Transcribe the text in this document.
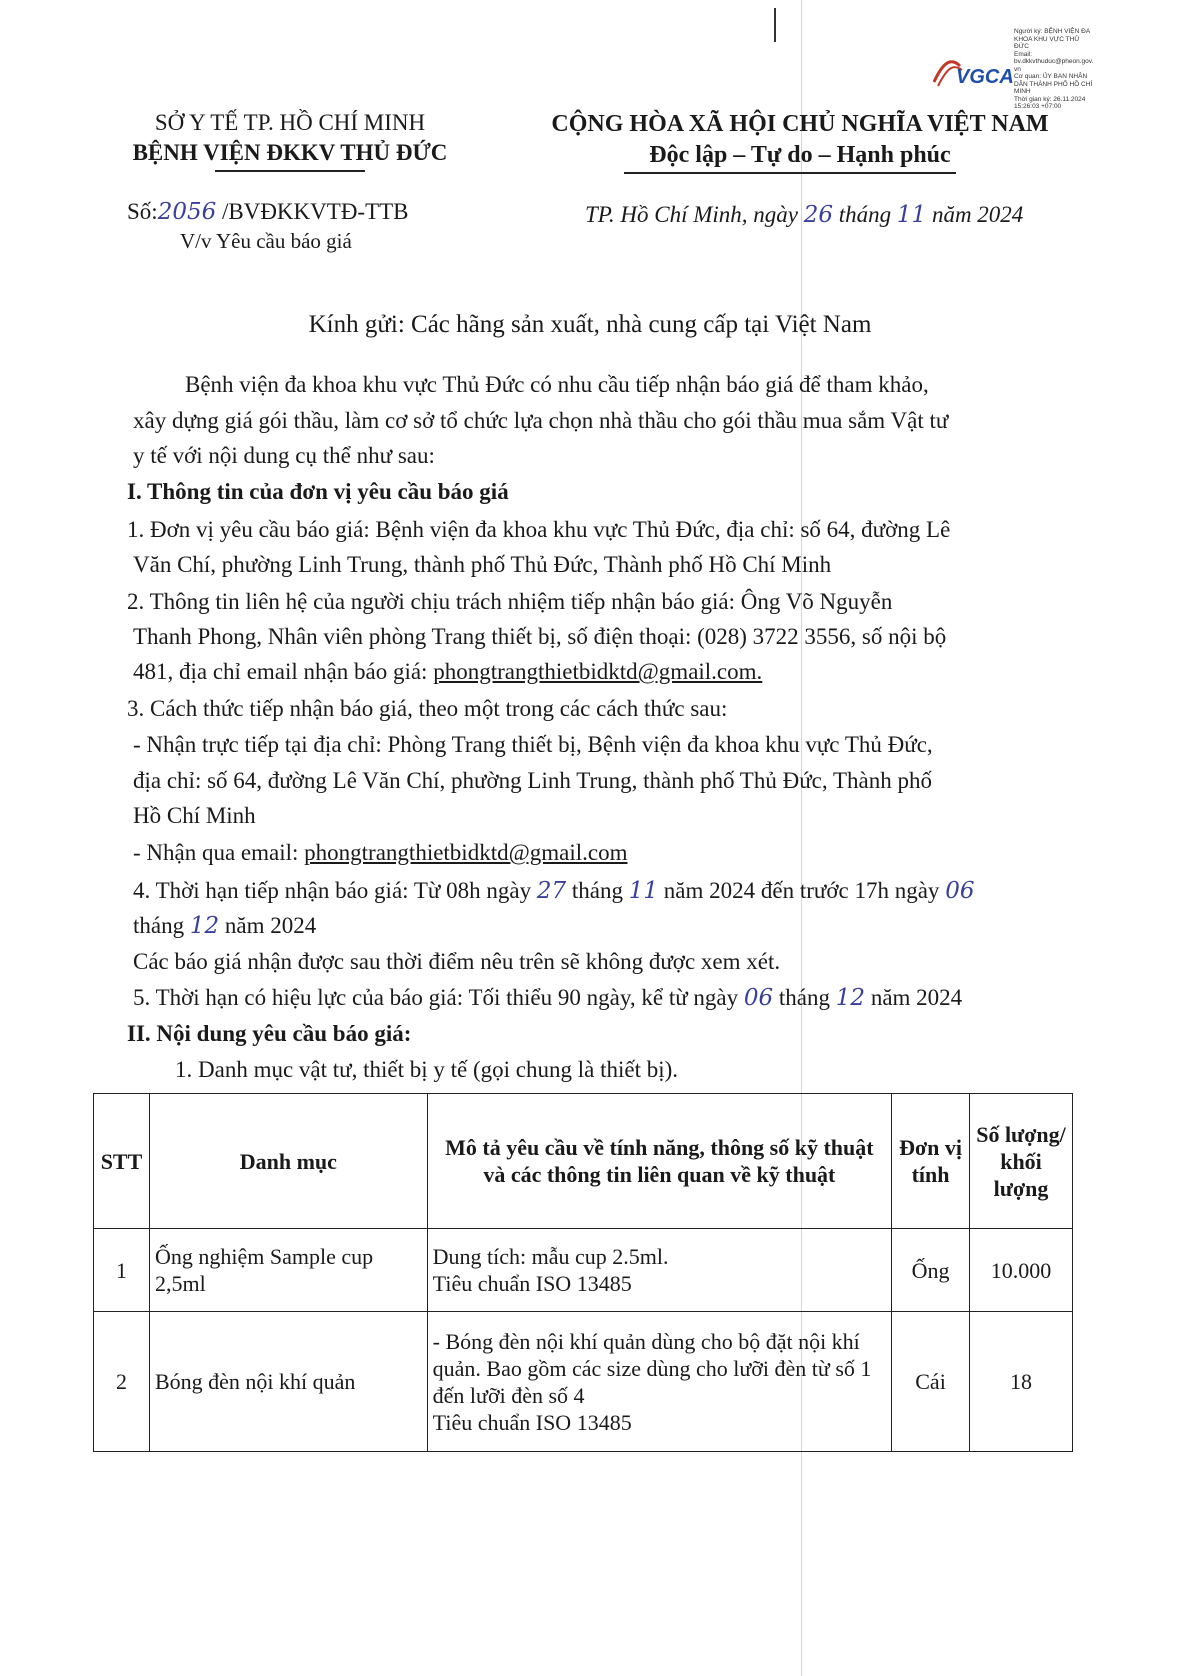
VGCA
Người ký: BỆNH VIỆN ĐA
KHOA KHU VỰC THỦ
ĐỨC
Email:
bv.dkkvthuduc@pheon.gov.
vn
Cơ quan: ỦY BAN NHÂN
DÂN THÀNH PHỐ HỒ CHÍ
MINH
Thời gian ký: 26.11.2024
15:26:03 +07:00
SỞ Y TẾ TP. HỒ CHÍ MINH
BỆNH VIỆN ĐKKV THỦ ĐỨC
CỘNG HÒA XÃ HỘI CHỦ NGHĨA VIỆT NAM
Độc lập – Tự do – Hạnh phúc
Số:2056 /BVĐKKVTĐ-TTB
V/v Yêu cầu báo giá
TP. Hồ Chí Minh, ngày 26 tháng 11 năm 2024
Kính gửi: Các hãng sản xuất, nhà cung cấp tại Việt Nam
Bệnh viện đa khoa khu vực Thủ Đức có nhu cầu tiếp nhận báo giá để tham khảo,
xây dựng giá gói thầu, làm cơ sở tổ chức lựa chọn nhà thầu cho gói thầu mua sắm Vật tư
y tế với nội dung cụ thể như sau:
I. Thông tin của đơn vị yêu cầu báo giá
1. Đơn vị yêu cầu báo giá: Bệnh viện đa khoa khu vực Thủ Đức, địa chỉ: số 64, đường Lê
Văn Chí, phường Linh Trung, thành phố Thủ Đức, Thành phố Hồ Chí Minh
2. Thông tin liên hệ của người chịu trách nhiệm tiếp nhận báo giá: Ông Võ Nguyễn
Thanh Phong, Nhân viên phòng Trang thiết bị, số điện thoại: (028) 3722 3556, số nội bộ
481, địa chỉ email nhận báo giá: phongtrangthietbidktd@gmail.com.
3. Cách thức tiếp nhận báo giá, theo một trong các cách thức sau:
- Nhận trực tiếp tại địa chỉ: Phòng Trang thiết bị, Bệnh viện đa khoa khu vực Thủ Đức,
địa chỉ: số 64, đường Lê Văn Chí, phường Linh Trung, thành phố Thủ Đức, Thành phố
Hồ Chí Minh
- Nhận qua email: phongtrangthietbidktd@gmail.com
4. Thời hạn tiếp nhận báo giá: Từ 08h ngày 27 tháng 11 năm 2024 đến trước 17h ngày 06
tháng 12 năm 2024
Các báo giá nhận được sau thời điểm nêu trên sẽ không được xem xét.
5. Thời hạn có hiệu lực của báo giá: Tối thiểu 90 ngày, kể từ ngày 06 tháng 12 năm 2024
II. Nội dung yêu cầu báo giá:
1. Danh mục vật tư, thiết bị y tế (gọi chung là thiết bị).
STT	Danh mục	Mô tả yêu cầu về tính năng, thông số kỹ thuật và các thông tin liên quan về kỹ thuật	Đơn vị tính	Số lượng/ khối lượng
1	Ống nghiệm Sample cup 2,5ml	Dung tích: mẫu cup 2.5ml.
Tiêu chuẩn ISO 13485	Ống	10.000
2	Bóng đèn nội khí quản	- Bóng đèn nội khí quản dùng cho bộ đặt nội khí quản. Bao gồm các size dùng cho lưỡi đèn từ số 1 đến lưỡi đèn số 4
Tiêu chuẩn ISO 13485	Cái	18
